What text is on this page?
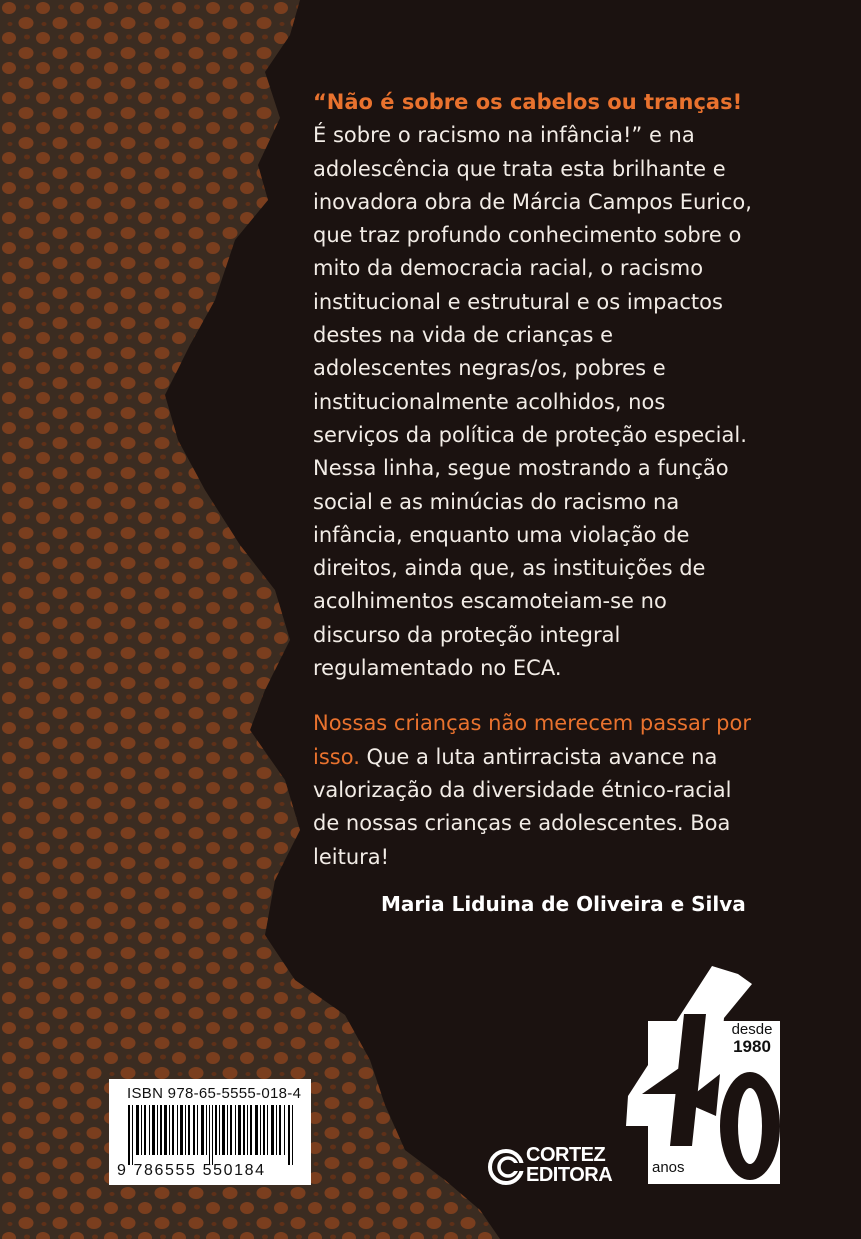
“Não é sobre os cabelos ou tranças!
É sobre o racismo na infância!” e na adolescência que trata esta brilhante e inovadora obra de Márcia Campos Eurico, que traz profundo conhecimento sobre o mito da democracia racial, o racismo institucional e estrutural e os impactos destes na vida de crianças e adolescentes negras/os, pobres e institucionalmente acolhidos, nos serviços da política de proteção especial. Nessa linha, segue mostrando a função social e as minúcias do racismo na infância, enquanto uma violação de direitos, ainda que, as instituições de acolhimentos escamoteiam-se no discurso da proteção integral regulamentado no ECA.

Nossas crianças não merecem passar por isso. Que a luta antirracista avance na valorização da diversidade étnico-racial de nossas crianças e adolescentes. Boa leitura!

Maria Liduina de Oliveira e Silva
ISBN 978-65-5555-018-4
9 786555 550184
CORTEZ
EDITORA
desde
1980
anos
